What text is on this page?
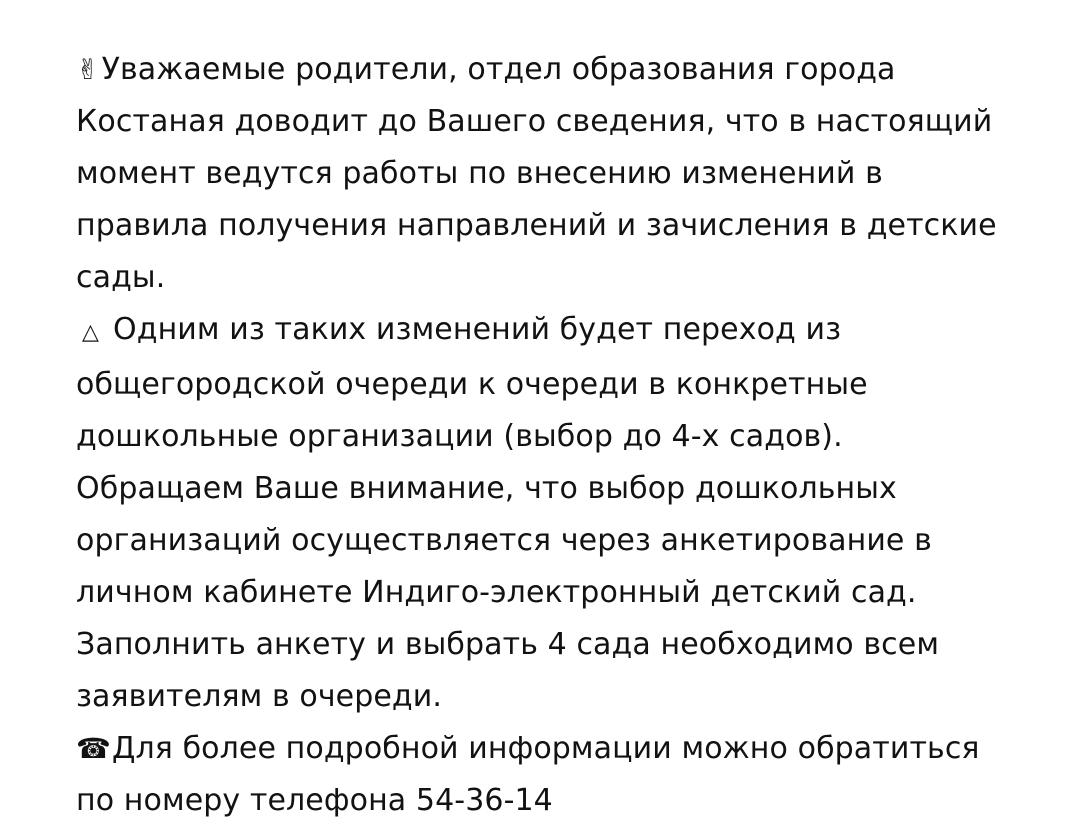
✌Уважаемые родители, отдел образования города Костаная доводит до Вашего сведения, что в настоящий момент ведутся работы по внесению изменений в правила получения направлений и зачисления в детские сады.

△ Одним из таких изменений будет переход из общегородской очереди к очереди в конкретные дошкольные организации (выбор до 4-х садов). Обращаем Ваше внимание, что выбор дошкольных организаций осуществляется через анкетирование в личном кабинете Индиго-электронный детский сад. Заполнить анкету и выбрать 4 сада необходимо всем заявителям в очереди.

☎Для более подробной информации можно обратиться по номеру телефона 54-36-14
